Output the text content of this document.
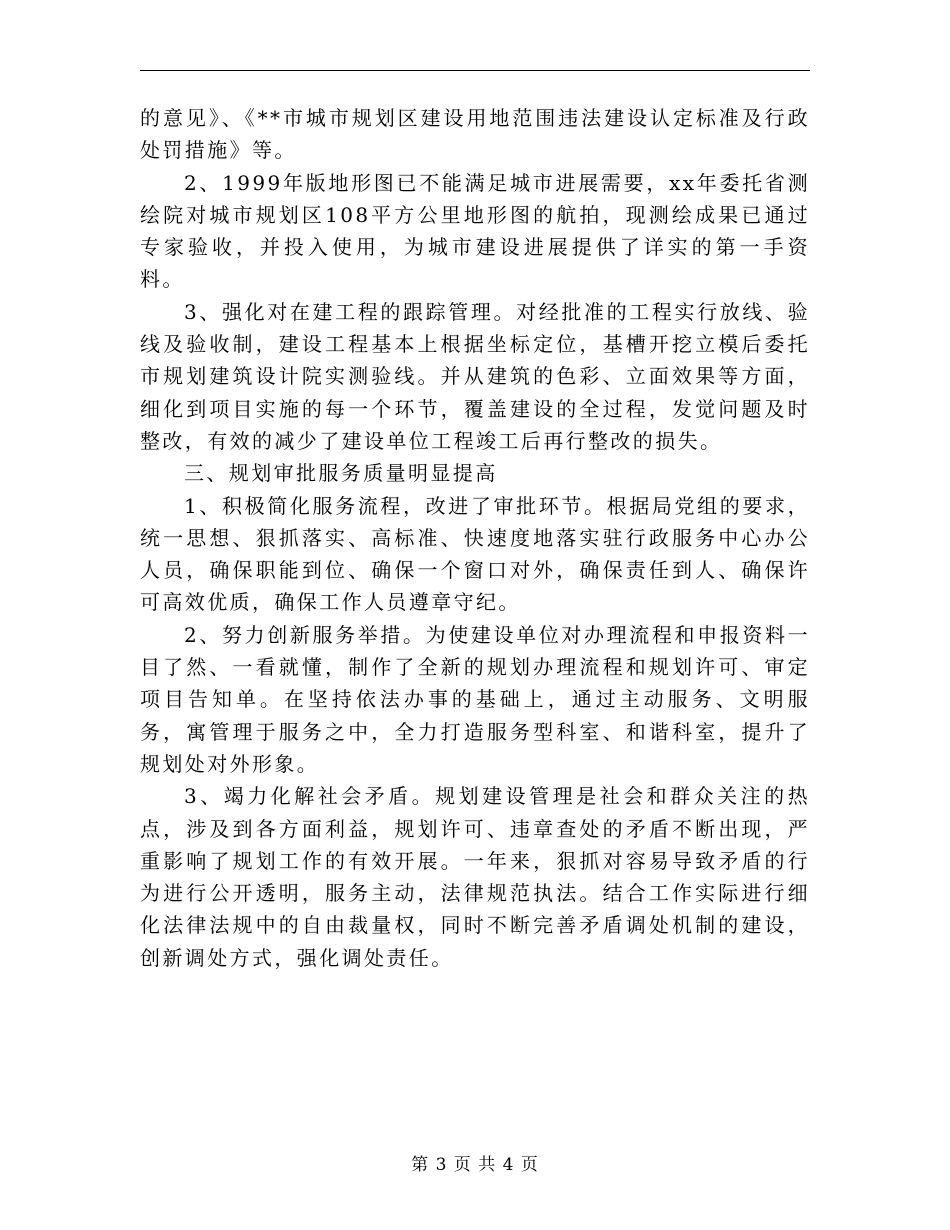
的意见》、《**市城市规划区建设用地范围违法建设认定标准及行政处罚措施》等。

2、1999年版地形图已不能满足城市进展需要，xx年委托省测绘院对城市规划区108平方公里地形图的航拍，现测绘成果已通过专家验收，并投入使用，为城市建设进展提供了详实的第一手资料。

3、强化对在建工程的跟踪管理。对经批准的工程实行放线、验线及验收制，建设工程基本上根据坐标定位，基槽开挖立模后委托市规划建筑设计院实测验线。并从建筑的色彩、立面效果等方面，细化到项目实施的每一个环节，覆盖建设的全过程，发觉问题及时整改，有效的减少了建设单位工程竣工后再行整改的损失。

三、规划审批服务质量明显提高

1、积极简化服务流程，改进了审批环节。根据局党组的要求，统一思想、狠抓落实、高标准、快速度地落实驻行政服务中心办公人员，确保职能到位、确保一个窗口对外，确保责任到人、确保许可高效优质，确保工作人员遵章守纪。

2、努力创新服务举措。为使建设单位对办理流程和申报资料一目了然、一看就懂，制作了全新的规划办理流程和规划许可、审定项目告知单。在坚持依法办事的基础上，通过主动服务、文明服务，寓管理于服务之中，全力打造服务型科室、和谐科室，提升了规划处对外形象。

3、竭力化解社会矛盾。规划建设管理是社会和群众关注的热点，涉及到各方面利益，规划许可、违章查处的矛盾不断出现，严重影响了规划工作的有效开展。一年来，狠抓对容易导致矛盾的行为进行公开透明，服务主动，法律规范执法。结合工作实际进行细化法律法规中的自由裁量权，同时不断完善矛盾调处机制的建设，创新调处方式，强化调处责任。

第 3 页 共 4 页
